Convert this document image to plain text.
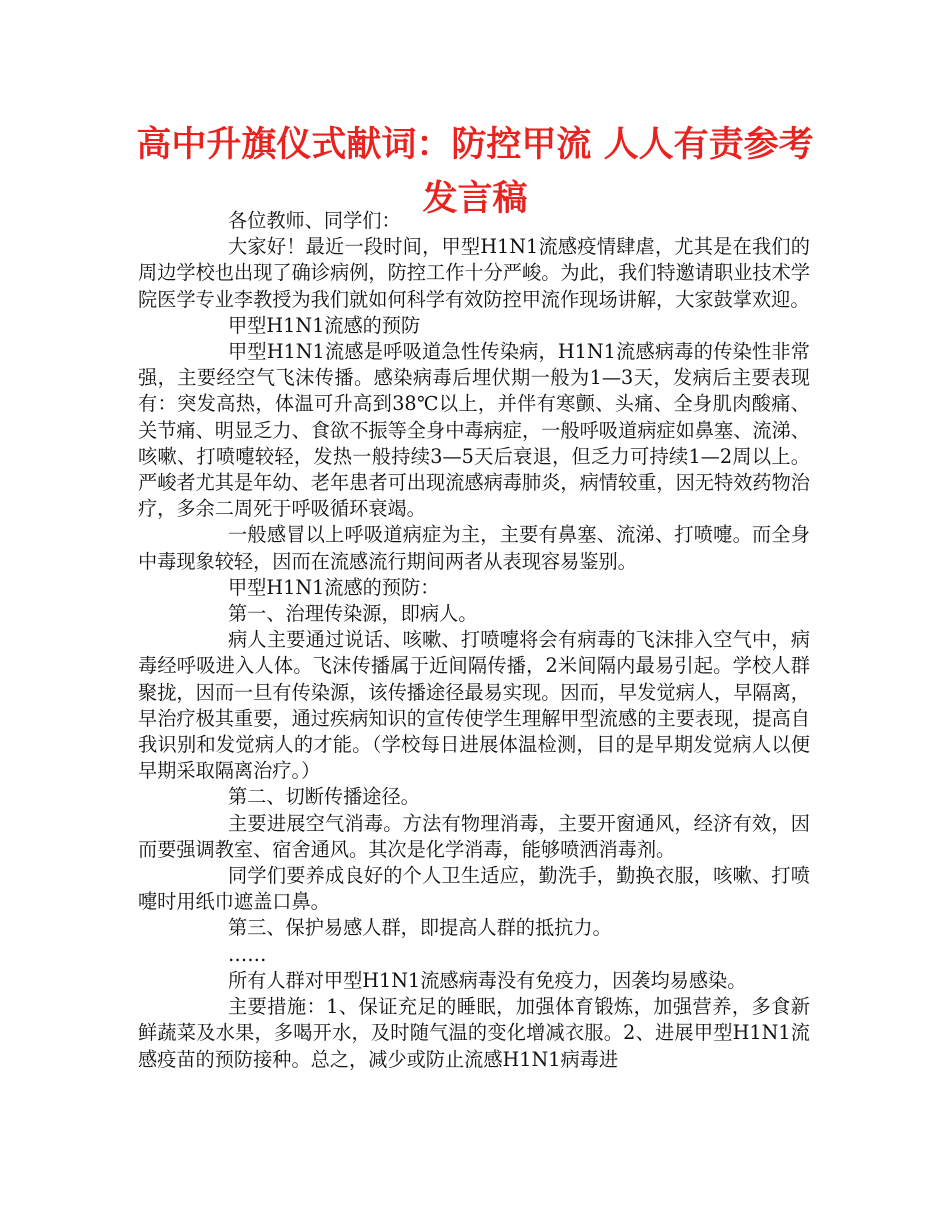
高中升旗仪式献词：防控甲流 人人有责参考发言稿

各位教师、同学们：

大家好！最近一段时间，甲型H1N1流感疫情肆虐，尤其是在我们的周边学校也出现了确诊病例，防控工作十分严峻。为此，我们特邀请职业技术学院医学专业李教授为我们就如何科学有效防控甲流作现场讲解，大家鼓掌欢迎。

甲型H1N1流感的预防

甲型H1N1流感是呼吸道急性传染病，H1N1流感病毒的传染性非常强，主要经空气飞沫传播。感染病毒后埋伏期一般为1—3天，发病后主要表现有：突发高热，体温可升高到38℃以上，并伴有寒颤、头痛、全身肌肉酸痛、关节痛、明显乏力、食欲不振等全身中毒病症，一般呼吸道病症如鼻塞、流涕、咳嗽、打喷嚏较轻，发热一般持续3—5天后衰退，但乏力可持续1—2周以上。严峻者尤其是年幼、老年患者可出现流感病毒肺炎，病情较重，因无特效药物治疗，多余二周死于呼吸循环衰竭。

一般感冒以上呼吸道病症为主，主要有鼻塞、流涕、打喷嚏。而全身中毒现象较轻，因而在流感流行期间两者从表现容易鉴别。

甲型H1N1流感的预防：

第一、治理传染源，即病人。

病人主要通过说话、咳嗽、打喷嚏将会有病毒的飞沫排入空气中，病毒经呼吸进入人体。飞沫传播属于近间隔传播，2米间隔内最易引起。学校人群聚拢，因而一旦有传染源，该传播途径最易实现。因而，早发觉病人，早隔离，早治疗极其重要，通过疾病知识的宣传使学生理解甲型流感的主要表现，提高自我识别和发觉病人的才能。（学校每日进展体温检测，目的是早期发觉病人以便早期采取隔离治疗。）

第二、切断传播途径。

主要进展空气消毒。方法有物理消毒，主要开窗通风，经济有效，因而要强调教室、宿舍通风。其次是化学消毒，能够喷洒消毒剂。

同学们要养成良好的个人卫生适应，勤洗手，勤换衣服，咳嗽、打喷嚏时用纸巾遮盖口鼻。

第三、保护易感人群，即提高人群的抵抗力。

……

所有人群对甲型H1N1流感病毒没有免疫力，因袭均易感染。

主要措施：1、保证充足的睡眠，加强体育锻炼，加强营养，多食新鲜蔬菜及水果，多喝开水，及时随气温的变化增减衣服。2、进展甲型H1N1流感疫苗的预防接种。总之，减少或防止流感H1N1病毒进
